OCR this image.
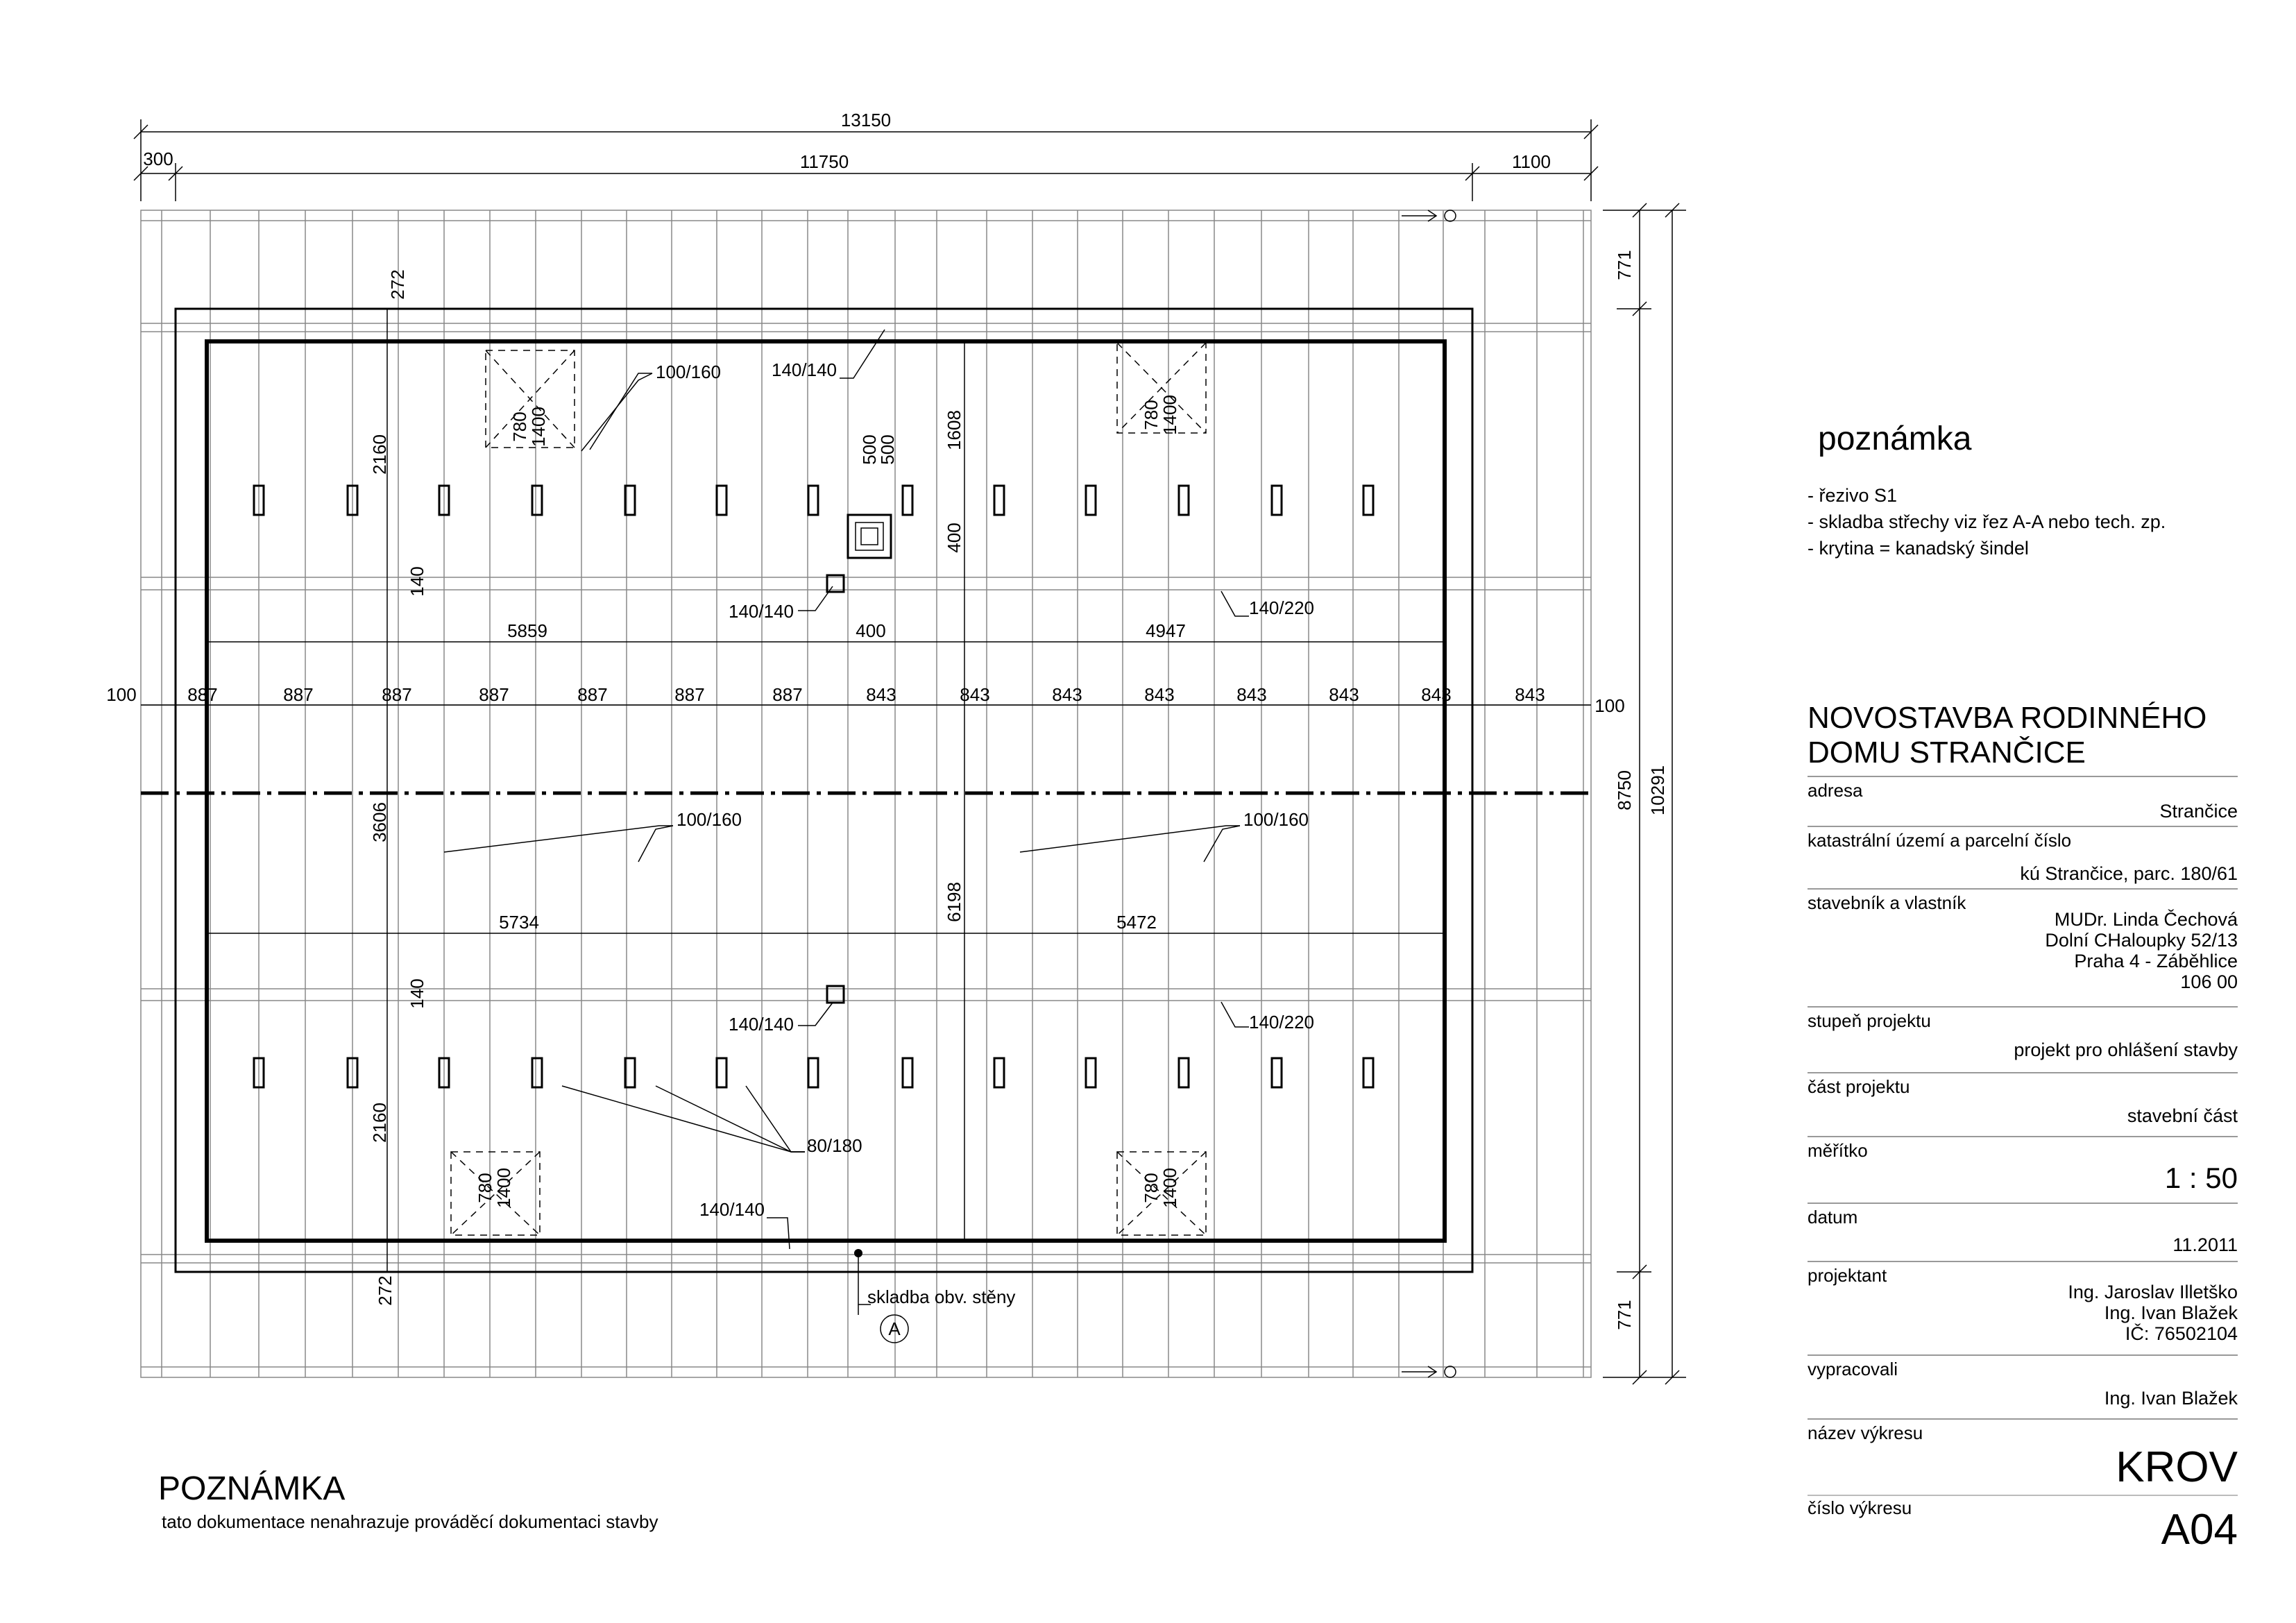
13150
300	11750	1100
771
8750 10291
771
100
100
887	887	887	887	887	887	887	843	843	843	843	843	843	843	843
272
2160
140
3606
140
2160
272
1608
6198
400
500
500
5859	400	4947
5734	5472
780
1400	780
1400
780
1400	780
1400
100/160	140/140
140/140	140/220
100/160	100/160
140/140	140/220
80/180
140/140
skladba obv. stěny
A
poznámka
- řezivo S1
- skladba střechy viz řez A-A nebo tech. zp.
- krytina = kanadský šindel
NOVOSTAVBA RODINNÉHO
DOMU STRANČICE
adresa
Strančice
katastrální území a parcelní číslo
kú Strančice, parc. 180/61
stavebník a vlastník
MUDr. Linda Čechová
Dolní CHaloupky 52/13
Praha 4 - Záběhlice
106 00
stupeň projektu
projekt pro ohlášení stavby
část projektu
stavební část
měřítko
1 : 50
datum
11.2011
projektant
Ing. Jaroslav Illetško
Ing. Ivan Blažek
IČ: 76502104
vypracovali
Ing. Ivan Blažek
název výkresu
KROV
číslo výkresu	A04
POZNÁMKA
tato dokumentace nenahrazuje prováděcí dokumentaci stavby
